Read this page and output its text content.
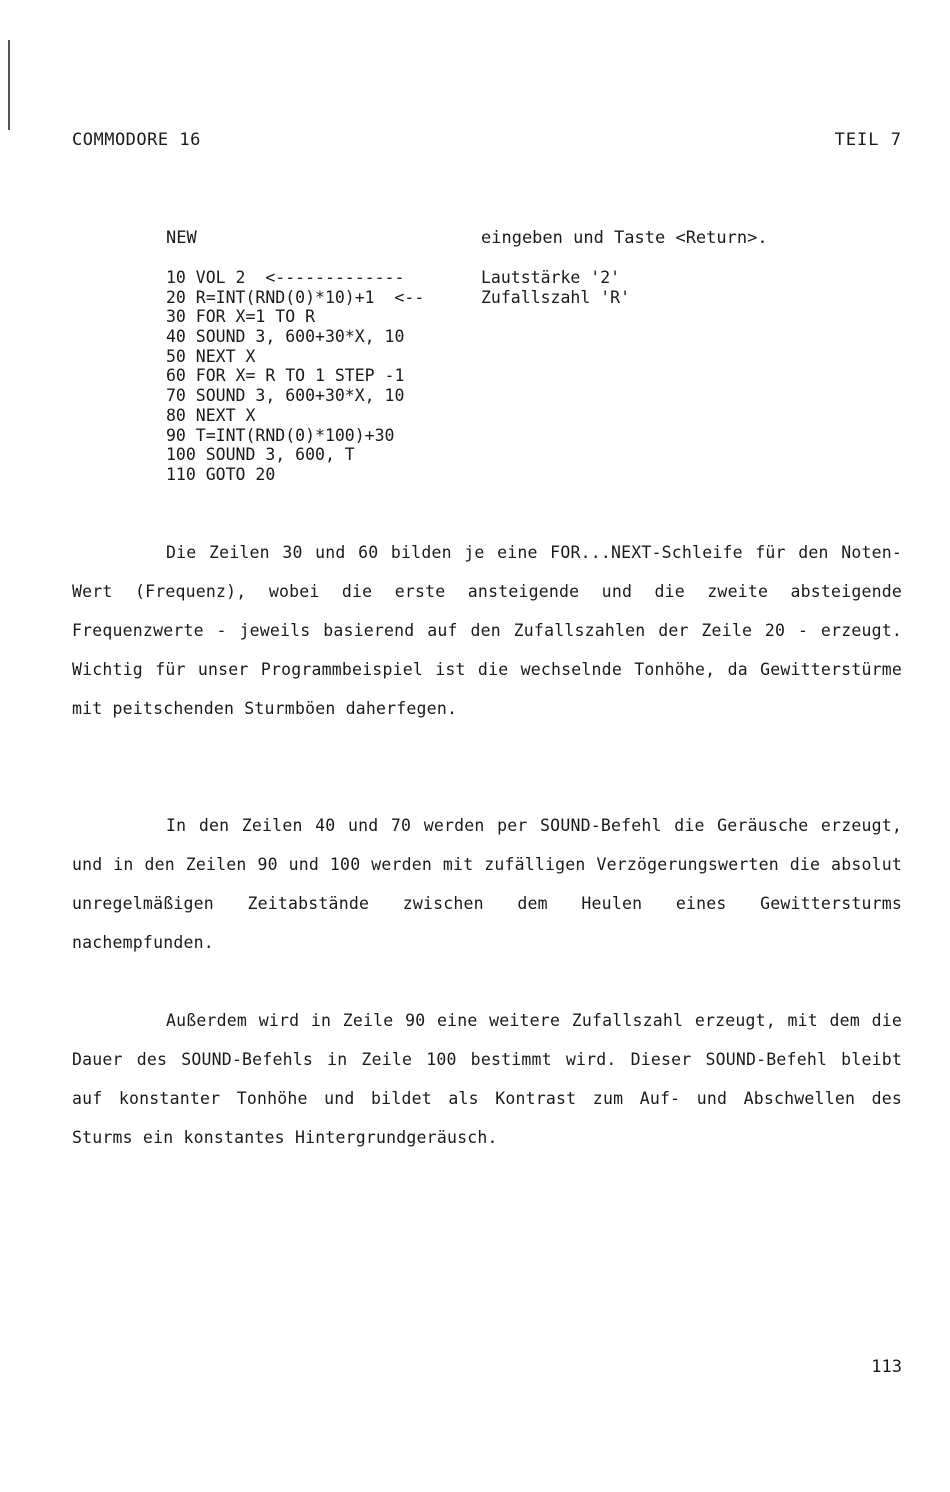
COMMODORE 16	TEIL 7
NEW	eingeben und Taste <Return>.
10 VOL 2  <-------------	Lautstärke '2'
20 R=INT(RND(0)*10)+1  <--	Zufallszahl 'R'
30 FOR X=1 TO R
40 SOUND 3, 600+30*X, 10
50 NEXT X
60 FOR X= R TO 1 STEP -1
70 SOUND 3, 600+30*X, 10
80 NEXT X
90 T=INT(RND(0)*100)+30
100 SOUND 3, 600, T
110 GOTO 20
Die Zeilen 30 und 60 bilden je eine FOR...NEXT-Schleife für den Noten-Wert (Frequenz), wobei die erste ansteigende und die zweite absteigende Frequenzwerte - jeweils basierend auf den Zufallszahlen der Zeile 20 - erzeugt. Wichtig für unser Programmbeispiel ist die wechselnde Tonhöhe, da Gewitterstürme mit peitschenden Sturmböen daherfegen.
In den Zeilen 40 und 70 werden per SOUND-Befehl die Geräusche erzeugt, und in den Zeilen 90 und 100 werden mit zufälligen Verzögerungswerten die absolut unregelmäßigen Zeitabstände zwischen dem Heulen eines Gewittersturms nachempfunden.
Außerdem wird in Zeile 90 eine weitere Zufallszahl erzeugt, mit dem die Dauer des SOUND-Befehls in Zeile 100 bestimmt wird. Dieser SOUND-Befehl bleibt auf konstanter Tonhöhe und bildet als Kontrast zum Auf- und Abschwellen des Sturms ein konstantes Hintergrundgeräusch.
113
